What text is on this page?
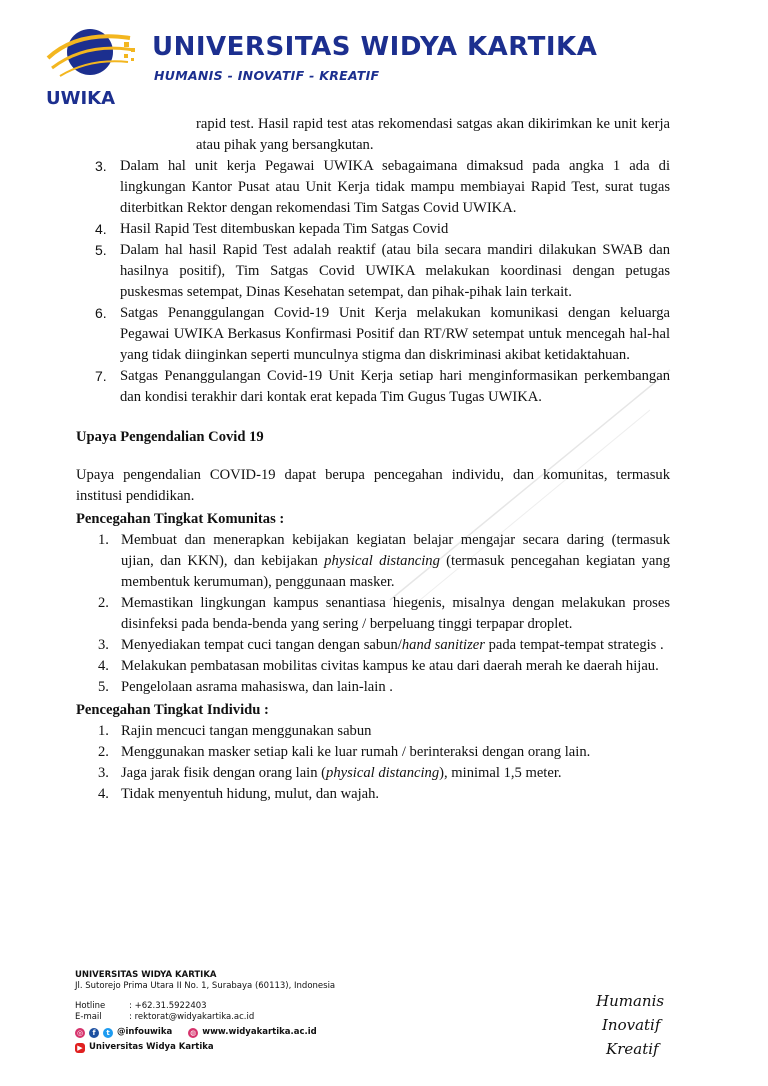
UWIKA
UNIVERSITAS WIDYA KARTIKA
HUMANIS - INOVATIF - KREATIF

rapid test. Hasil rapid test atas rekomendasi satgas akan dikirimkan ke unit kerja atau pihak yang bersangkutan.

3. Dalam hal unit kerja Pegawai UWIKA sebagaimana dimaksud pada angka 1 ada di lingkungan Kantor Pusat atau Unit Kerja tidak mampu membiayai Rapid Test, surat tugas diterbitkan Rektor dengan rekomendasi Tim Satgas Covid UWIKA.
4. Hasil Rapid Test ditembuskan kepada Tim Satgas Covid
5. Dalam hal hasil Rapid Test adalah reaktif (atau bila secara mandiri dilakukan SWAB dan hasilnya positif), Tim Satgas Covid UWIKA melakukan koordinasi dengan petugas puskesmas setempat, Dinas Kesehatan setempat, dan pihak-pihak lain terkait.
6. Satgas Penanggulangan Covid-19 Unit Kerja melakukan komunikasi dengan keluarga Pegawai UWIKA Berkasus Konfirmasi Positif dan RT/RW setempat untuk mencegah hal-hal yang tidak diinginkan seperti munculnya stigma dan diskriminasi akibat ketidaktahuan.
7. Satgas Penanggulangan Covid-19 Unit Kerja setiap hari menginformasikan perkembangan dan kondisi terakhir dari kontak erat kepada Tim Gugus Tugas UWIKA.

Upaya Pengendalian Covid 19

Upaya pengendalian COVID-19 dapat berupa pencegahan individu, dan komunitas, termasuk institusi pendidikan.

Pencegahan Tingkat Komunitas :

1. Membuat dan menerapkan kebijakan kegiatan belajar mengajar secara daring (termasuk ujian, dan KKN), dan kebijakan physical distancing (termasuk pencegahan kegiatan yang membentuk kerumuman), penggunaan masker.
2. Memastikan lingkungan kampus senantiasa hiegenis, misalnya dengan melakukan proses disinfeksi pada benda-benda yang sering / berpeluang tinggi terpapar droplet.
3. Menyediakan tempat cuci tangan dengan sabun/hand sanitizer pada tempat-tempat strategis .
4. Melakukan pembatasan mobilitas civitas kampus ke atau dari daerah merah ke daerah hijau.
5. Pengelolaan asrama mahasiswa, dan lain-lain .

Pencegahan Tingkat Individu :

1. Rajin mencuci tangan menggunakan sabun
2. Menggunakan masker setiap kali ke luar rumah / berinteraksi dengan orang lain.
3. Jaga jarak fisik dengan orang lain (physical distancing), minimal 1,5 meter.
4. Tidak menyentuh hidung, mulut, dan wajah.
UNIVERSITAS WIDYA KARTIKA
Jl. Sutorejo Prima Utara II No. 1, Surabaya (60113), Indonesia
Hotline	: +62.31.5922403
E-mail	: rektorat@widyakartika.ac.id
◎	f	t @infouwika	◍ www.widyakartika.ac.id
▶ Universitas Widya Kartika
Humanis
Inovatif
Kreatif
